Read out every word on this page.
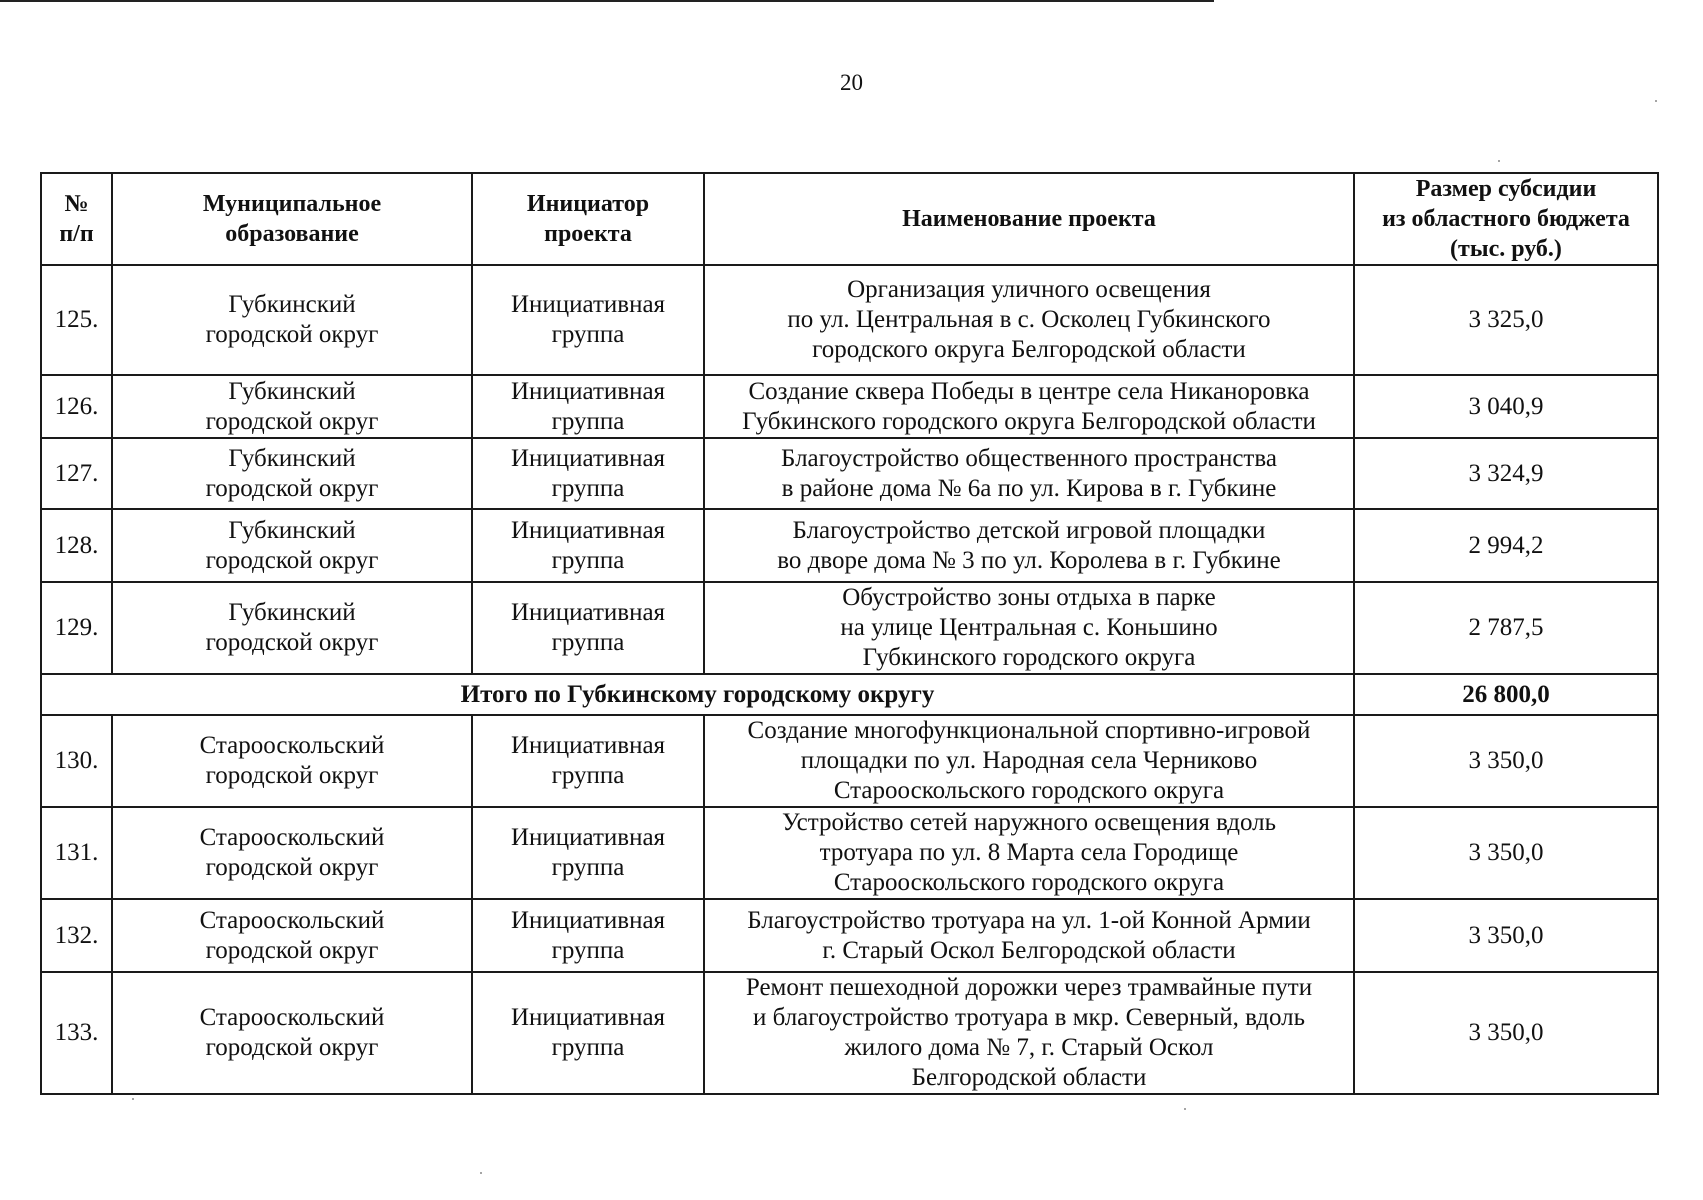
20
№
п/п	Муниципальное
образование	Инициатор
проекта	Наименование проекта	Размер субсидии
из областного бюджета
(тыс. руб.)

125.	Губкинский
городской округ	Инициативная
группа	Организация уличного освещения
по ул. Центральная в с. Осколец Губкинского
городского округа Белгородской области	3 325,0
126.	Губкинский
городской округ	Инициативная
группа	Создание сквера Победы в центре села Никаноровка
Губкинского городского округа Белгородской области	3 040,9
127.	Губкинский
городской округ	Инициативная
группа	Благоустройство общественного пространства
в районе дома № 6а по ул. Кирова в г. Губкине	3 324,9
128.	Губкинский
городской округ	Инициативная
группа	Благоустройство детской игровой площадки
во дворе дома № 3 по ул. Королева в г. Губкине	2 994,2
129.	Губкинский
городской округ	Инициативная
группа	Обустройство зоны отдыха в парке
на улице Центральная с. Коньшино
Губкинского городского округа	2 787,5
Итого по Губкинскому городскому округу				26 800,0
130.	Старооскольский
городской округ	Инициативная
группа	Создание многофункциональной спортивно-игровой
площадки по ул. Народная села Черниково
Старооскольского городского округа	3 350,0
131.	Старооскольский
городской округ	Инициативная
группа	Устройство сетей наружного освещения вдоль
тротуара по ул. 8 Марта села Городище
Старооскольского городского округа	3 350,0
132.	Старооскольский
городской округ	Инициативная
группа	Благоустройство тротуара на ул. 1-ой Конной Армии
г. Старый Оскол Белгородской области	3 350,0
133.	Старооскольский
городской округ	Инициативная
группа	Ремонт пешеходной дорожки через трамвайные пути
и благоустройство тротуара в мкр. Северный, вдоль
жилого дома № 7, г. Старый Оскол
Белгородской области	3 350,0
